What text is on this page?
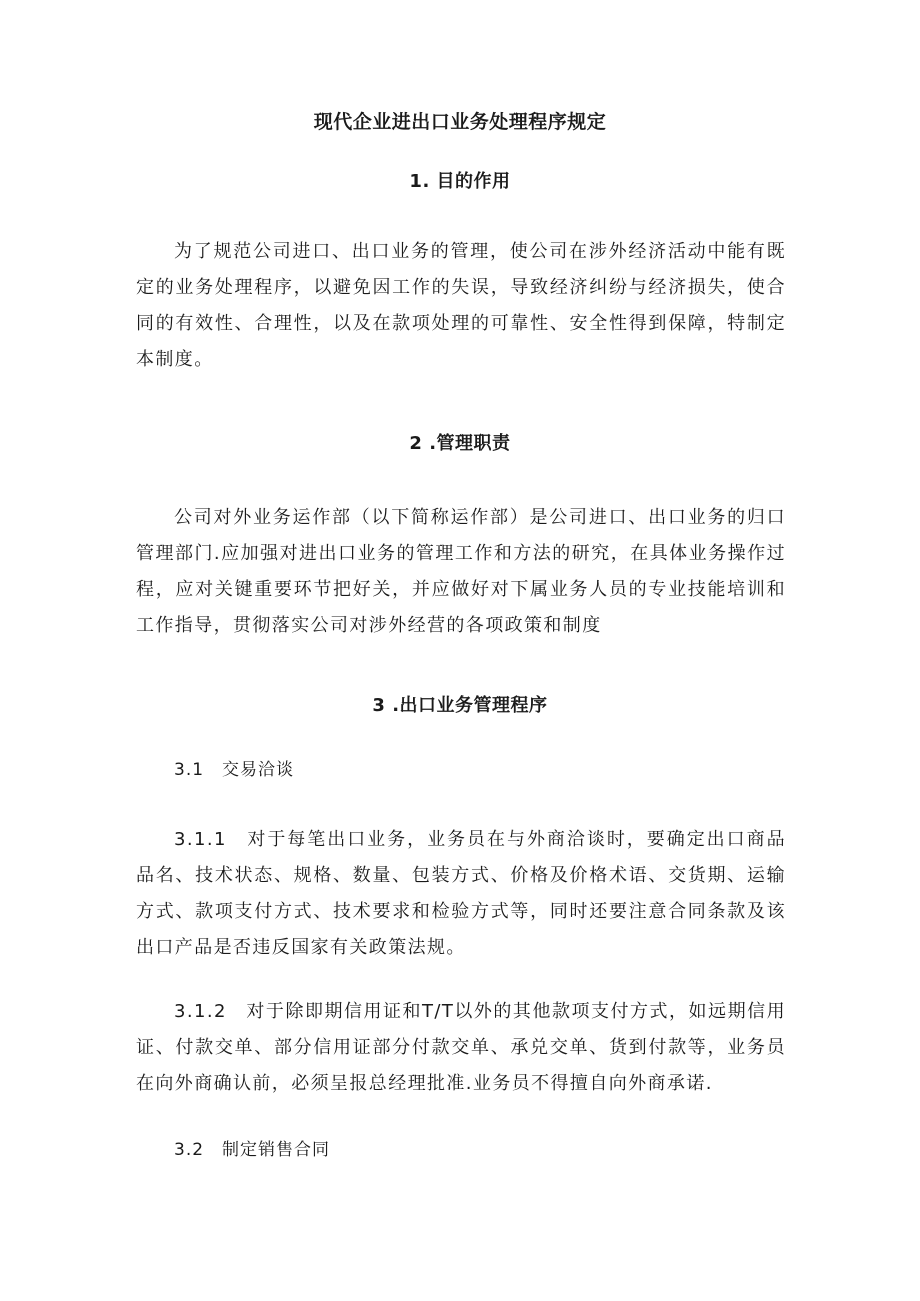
现代企业进出口业务处理程序规定
1. 目的作用
为了规范公司进口、出口业务的管理，使公司在涉外经济活动中能有既定的业务处理程序，以避免因工作的失误，导致经济纠纷与经济损失，使合同的有效性、合理性，以及在款项处理的可靠性、安全性得到保障，特制定本制度。
2 .管理职责
公司对外业务运作部（以下简称运作部）是公司进口、出口业务的归口管理部门.应加强对进出口业务的管理工作和方法的研究，在具体业务操作过程，应对关键重要环节把好关，并应做好对下属业务人员的专业技能培训和工作指导，贯彻落实公司对涉外经营的各项政策和制度
3 .出口业务管理程序
3.1　交易洽谈
3.1.1　对于每笔出口业务，业务员在与外商洽谈时，要确定出口商品品名、技术状态、规格、数量、包装方式、价格及价格术语、交货期、运输方式、款项支付方式、技术要求和检验方式等，同时还要注意合同条款及该出口产品是否违反国家有关政策法规。
3.1.2　对于除即期信用证和T/T以外的其他款项支付方式，如远期信用证、付款交单、部分信用证部分付款交单、承兑交单、货到付款等，业务员在向外商确认前，必须呈报总经理批准.业务员不得擅自向外商承诺.
3.2　制定销售合同
